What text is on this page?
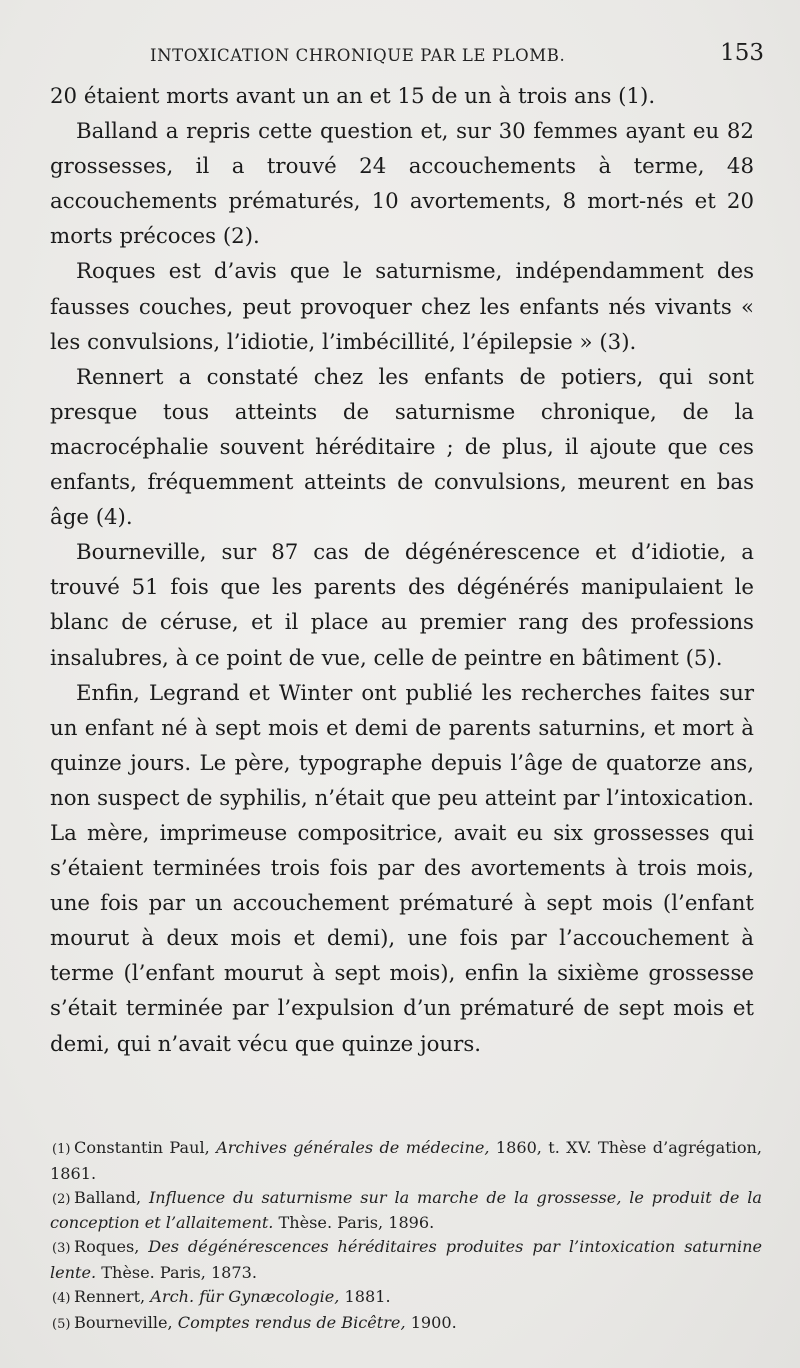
INTOXICATION CHRONIQUE PAR LE PLOMB.	153

20 étaient morts avant un an et 15 de un à trois ans (1).

Balland a repris cette question et, sur 30 femmes ayant eu 82 grossesses, il a trouvé 24 accouchements à terme, 48 accouchements prématurés, 10 avortements, 8 mort-nés et 20 morts précoces (2).

Roques est d’avis que le saturnisme, indépendamment des fausses couches, peut provoquer chez les enfants nés vivants « les convulsions, l’idiotie, l’imbécillité, l’épilepsie » (3).

Rennert a constaté chez les enfants de potiers, qui sont presque tous atteints de saturnisme chronique, de la macrocéphalie souvent héréditaire ; de plus, il ajoute que ces enfants, fréquemment atteints de convulsions, meurent en bas âge (4).

Bourneville, sur 87 cas de dégénérescence et d’idiotie, a trouvé 51 fois que les parents des dégénérés manipulaient le blanc de céruse, et il place au premier rang des professions insalubres, à ce point de vue, celle de peintre en bâtiment (5).

Enfin, Legrand et Winter ont publié les recherches faites sur un enfant né à sept mois et demi de parents saturnins, et mort à quinze jours. Le père, typographe depuis l’âge de quatorze ans, non suspect de syphilis, n’était que peu atteint par l’intoxication. La mère, imprimeuse compositrice, avait eu six grossesses qui s’étaient terminées trois fois par des avortements à trois mois, une fois par un accouchement prématuré à sept mois (l’enfant mourut à deux mois et demi), une fois par l’accouchement à terme (l’enfant mourut à sept mois), enfin la sixième grossesse s’était terminée par l’expulsion d’un prématuré de sept mois et demi, qui n’avait vécu que quinze jours.

(1) Constantin Paul, Archives générales de médecine, 1860, t. XV. Thèse d’agrégation, 1861.
(2) Balland, Influence du saturnisme sur la marche de la grossesse, le produit de la conception et l’allaitement. Thèse. Paris, 1896.
(3) Roques, Des dégénérescences héréditaires produites par l’intoxication saturnine lente. Thèse. Paris, 1873.
(4) Rennert, Arch. für Gynæcologie, 1881.
(5) Bourneville, Comptes rendus de Bicêtre, 1900.
